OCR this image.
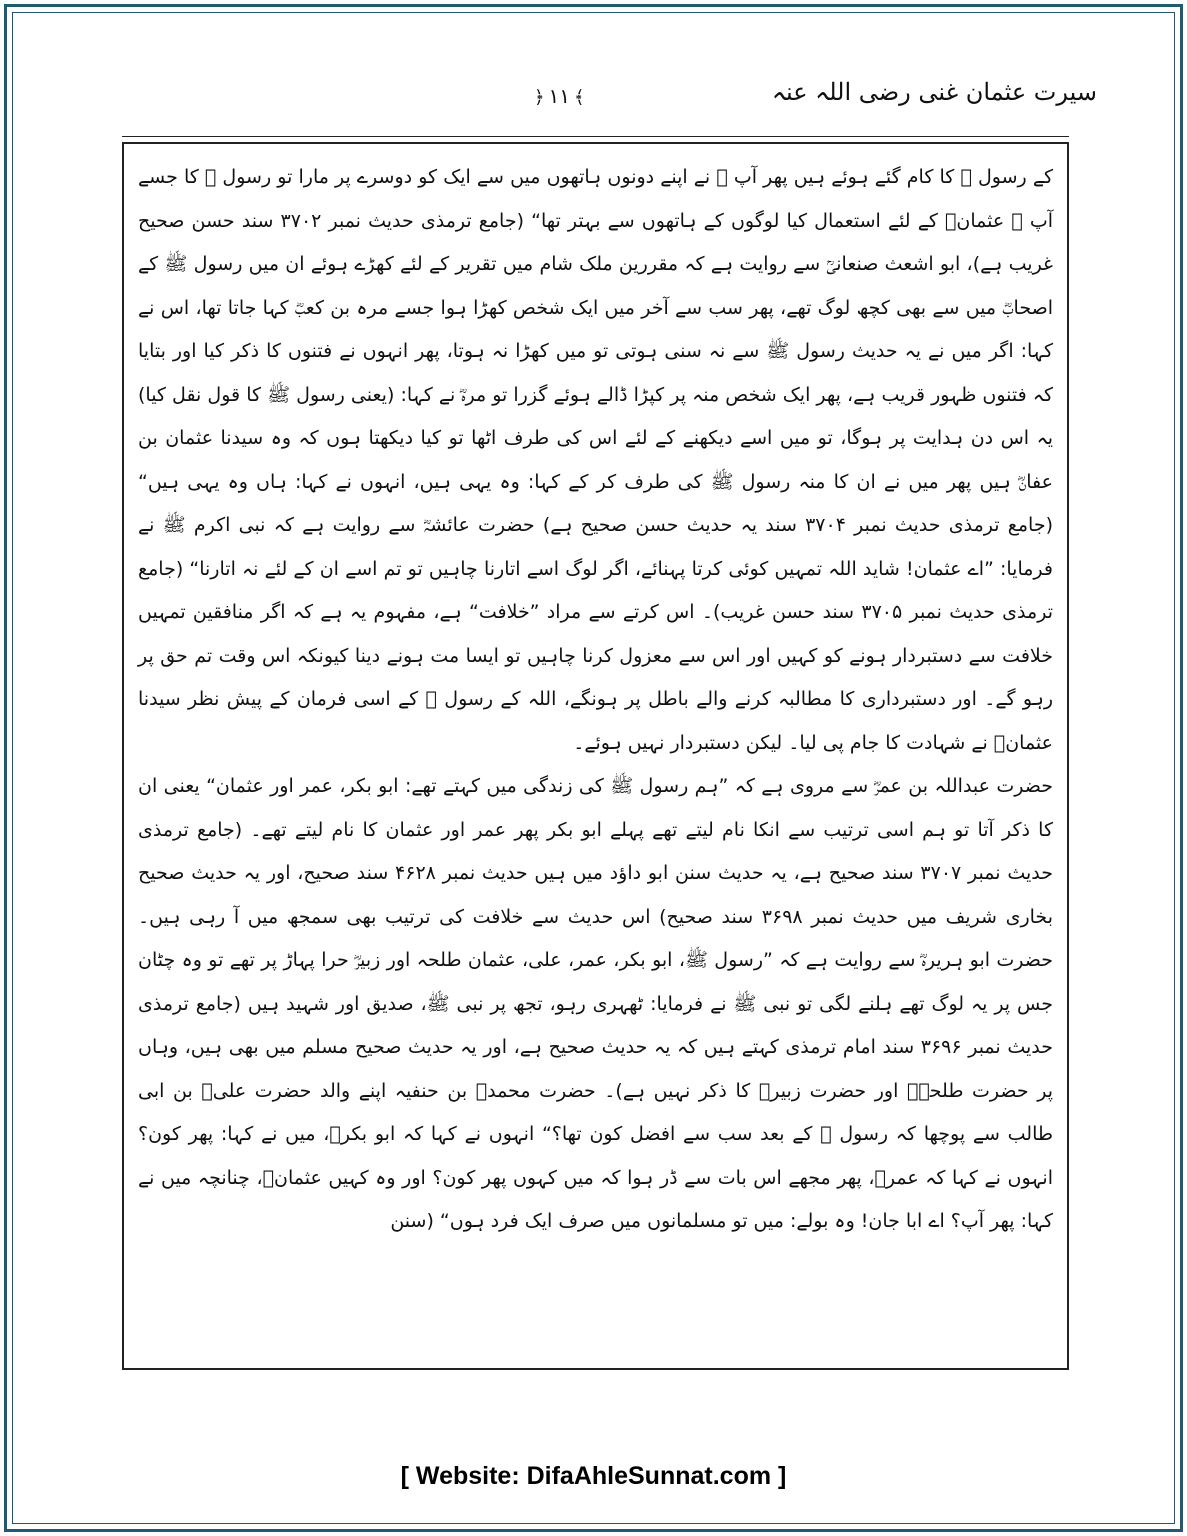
سیرت عثمان غنی رضی اللہ عنہ
﴿ ۱۱ ﴾

کے رسول ﷺ کا کام گئے ہوئے ہیں پھر آپ ﷺ نے اپنے دونوں ہاتھوں میں سے ایک کو دوسرے پر مارا تو رسول ﷺ کا جسے آپ ﷺ عثمانؓ کے لئے استعمال کیا لوگوں کے ہاتھوں سے بہتر تھا“ (جامع ترمذی حدیث نمبر ۳۷۰۲ سند حسن صحیح غریب ہے)، ابو اشعث صنعانیؒ سے روایت ہے کہ مقررین ملک شام میں تقریر کے لئے کھڑے ہوئے ان میں رسول ﷺ کے اصحابؓ میں سے بھی کچھ لوگ تھے، پھر سب سے آخر میں ایک شخص کھڑا ہوا جسے مرہ بن کعبؓ کہا جاتا تھا، اس نے کہا: اگر میں نے یہ حدیث رسول ﷺ سے نہ سنی ہوتی تو میں کھڑا نہ ہوتا، پھر انہوں نے فتنوں کا ذکر کیا اور بتایا کہ فتنوں ظہور قریب ہے، پھر ایک شخص منہ پر کپڑا ڈالے ہوئے گزرا تو مرہؓ نے کہا: (یعنی رسول ﷺ کا قول نقل کیا) یہ اس دن ہدایت پر ہوگا، تو میں اسے دیکھنے کے لئے اس کی طرف اٹھا تو کیا دیکھتا ہوں کہ وہ سیدنا عثمان بن عفانؓ ہیں پھر میں نے ان کا منہ رسول ﷺ کی طرف کر کے کہا: وہ یہی ہیں، انہوں نے کہا: ہاں وہ یہی ہیں“ (جامع ترمذی حدیث نمبر ۳۷۰۴ سند یہ حدیث حسن صحیح ہے) حضرت عائشہؓ سے روایت ہے کہ نبی اکرم ﷺ نے فرمایا: ”اے عثمان! شاید اللہ تمہیں کوئی کرتا پہنائے، اگر لوگ اسے اتارنا چاہیں تو تم اسے ان کے لئے نہ اتارنا“ (جامع ترمذی حدیث نمبر ۳۷۰۵ سند حسن غریب)۔ اس کرتے سے مراد ”خلافت“ ہے، مفہوم یہ ہے کہ اگر منافقین تمہیں خلافت سے دستبردار ہونے کو کہیں اور اس سے معزول کرنا چاہیں تو ایسا مت ہونے دینا کیونکہ اس وقت تم حق پر رہو گے۔ اور دستبرداری کا مطالبہ کرنے والے باطل پر ہونگے، اللہ کے رسول ﷺ کے اسی فرمان کے پیش نظر سیدنا عثمانؓ نے شہادت کا جام پی لیا۔ لیکن دستبردار نہیں ہوئے۔

حضرت عبداللہ بن عمرؓ سے مروی ہے کہ ”ہم رسول ﷺ کی زندگی میں کہتے تھے: ابو بکر، عمر اور عثمان“ یعنی ان کا ذکر آتا تو ہم اسی ترتیب سے انکا نام لیتے تھے پہلے ابو بکر پھر عمر اور عثمان کا نام لیتے تھے۔ (جامع ترمذی حدیث نمبر ۳۷۰۷ سند صحیح ہے، یہ حدیث سنن ابو داؤد میں ہیں حدیث نمبر ۴۶۲۸ سند صحیح، اور یہ حدیث صحیح بخاری شریف میں حدیث نمبر ۳۶۹۸ سند صحیح) اس حدیث سے خلافت کی ترتیب بھی سمجھ میں آ رہی ہیں۔ حضرت ابو ہریرہؓ سے روایت ہے کہ ”رسول ﷺ، ابو بکر، عمر، علی، عثمان طلحہ اور زبیرؓ حرا پہاڑ پر تھے تو وہ چٹان جس پر یہ لوگ تھے ہلنے لگی تو نبی ﷺ نے فرمایا: ٹھہری رہو، تجھ پر نبی ﷺ، صدیق اور شہید ہیں (جامع ترمذی حدیث نمبر ۳۶۹۶ سند امام ترمذی کہتے ہیں کہ یہ حدیث صحیح ہے، اور یہ حدیث صحیح مسلم میں بھی ہیں، وہاں پر حضرت طلحہؓ اور حضرت زبیرؓ کا ذکر نہیں ہے)۔ حضرت محمدؒ بن حنفیہ اپنے والد حضرت علیؓ بن ابی طالب سے پوچھا کہ رسول ﷺ کے بعد سب سے افضل کون تھا؟“ انہوں نے کہا کہ ابو بکرؓ، میں نے کہا: پھر کون؟ انہوں نے کہا کہ عمرؓ، پھر مجھے اس بات سے ڈر ہوا کہ میں کہوں پھر کون؟ اور وہ کہیں عثمانؓ، چنانچہ میں نے کہا: پھر آپ؟ اے ابا جان! وہ بولے: میں تو مسلمانوں میں صرف ایک فرد ہوں“ (سنن

[ Website: DifaAhleSunnat.com ]
